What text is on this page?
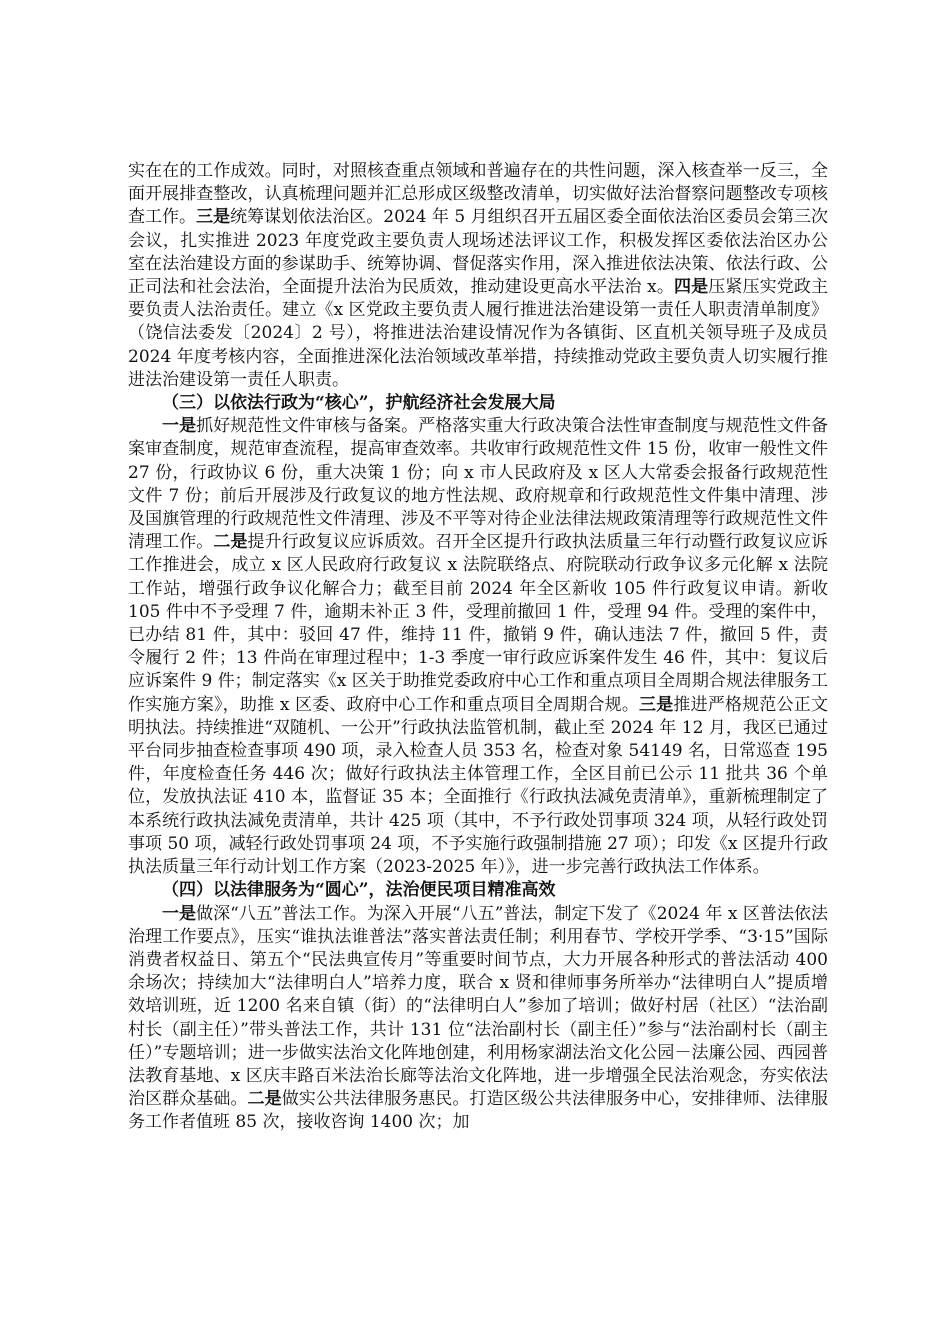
实在在的工作成效。同时，对照核查重点领域和普遍存在的共性问题，深入核查举一反三，全面开展排查整改，认真梳理问题并汇总形成区级整改清单，切实做好法治督察问题整改专项核查工作。三是统筹谋划依法治区。2024 年 5 月组织召开五届区委全面依法治区委员会第三次会议，扎实推进 2023 年度党政主要负责人现场述法评议工作，积极发挥区委依法治区办公室在法治建设方面的参谋助手、统筹协调、督促落实作用，深入推进依法决策、依法行政、公正司法和社会法治，全面提升法治为民质效，推动建设更高水平法治 x。四是压紧压实党政主要负责人法治责任。建立《x 区党政主要负责人履行推进法治建设第一责任人职责清单制度》（饶信法委发〔2024〕2 号），将推进法治建设情况作为各镇街、区直机关领导班子及成员 2024 年度考核内容，全面推进深化法治领域改革举措，持续推动党政主要负责人切实履行推进法治建设第一责任人职责。

（三）以依法行政为“核心”，护航经济社会发展大局

一是抓好规范性文件审核与备案。严格落实重大行政决策合法性审查制度与规范性文件备案审查制度，规范审查流程，提高审查效率。共收审行政规范性文件 15 份，收审一般性文件 27 份，行政协议 6 份，重大决策 1 份；向 x 市人民政府及 x 区人大常委会报备行政规范性文件 7 份；前后开展涉及行政复议的地方性法规、政府规章和行政规范性文件集中清理、涉及国旗管理的行政规范性文件清理、涉及不平等对待企业法律法规政策清理等行政规范性文件清理工作。二是提升行政复议应诉质效。召开全区提升行政执法质量三年行动暨行政复议应诉工作推进会，成立 x 区人民政府行政复议 x 法院联络点、府院联动行政争议多元化解 x 法院工作站，增强行政争议化解合力；截至目前 2024 年全区新收 105 件行政复议申请。新收 105 件中不予受理 7 件，逾期未补正 3 件，受理前撤回 1 件，受理 94 件。受理的案件中，已办结 81 件，其中：驳回 47 件，维持 11 件，撤销 9 件，确认违法 7 件，撤回 5 件，责令履行 2 件；13 件尚在审理过程中；1-3 季度一审行政应诉案件发生 46 件，其中：复议后应诉案件 9 件；制定落实《x 区关于助推党委政府中心工作和重点项目全周期合规法律服务工作实施方案》，助推 x 区委、政府中心工作和重点项目全周期合规。三是推进严格规范公正文明执法。持续推进“双随机、一公开”行政执法监管机制，截止至 2024 年 12 月，我区已通过平台同步抽查检查事项 490 项，录入检查人员 353 名，检查对象 54149 名，日常巡查 195 件，年度检查任务 446 次；做好行政执法主体管理工作，全区目前已公示 11 批共 36 个单位，发放执法证 410 本，监督证 35 本；全面推行《行政执法减免责清单》，重新梳理制定了本系统行政执法减免责清单，共计 425 项（其中，不予行政处罚事项 324 项，从轻行政处罚事项 50 项，减轻行政处罚事项 24 项，不予实施行政强制措施 27 项）；印发《x 区提升行政执法质量三年行动计划工作方案（2023-2025 年）》，进一步完善行政执法工作体系。

（四）以法律服务为“圆心”，法治便民项目精准高效

一是做深“八五”普法工作。为深入开展“八五”普法，制定下发了《2024 年 x 区普法依法治理工作要点》，压实“谁执法谁普法”落实普法责任制；利用春节、学校开学季、“3·15”国际消费者权益日、第五个“民法典宣传月”等重要时间节点，大力开展各种形式的普法活动 400 余场次；持续加大“法律明白人”培养力度，联合 x 贤和律师事务所举办“法律明白人”提质增效培训班，近 1200 名来自镇（街）的“法律明白人”参加了培训；做好村居（社区）“法治副村长（副主任）”带头普法工作，共计 131 位“法治副村长（副主任）”参与“法治副村长（副主任）”专题培训；进一步做实法治文化阵地创建，利用杨家湖法治文化公园－法廉公园、西园普法教育基地、x 区庆丰路百米法治长廊等法治文化阵地，进一步增强全民法治观念，夯实依法治区群众基础。二是做实公共法律服务惠民。打造区级公共法律服务中心，安排律师、法律服务工作者值班 85 次，接收咨询 1400 次；加
